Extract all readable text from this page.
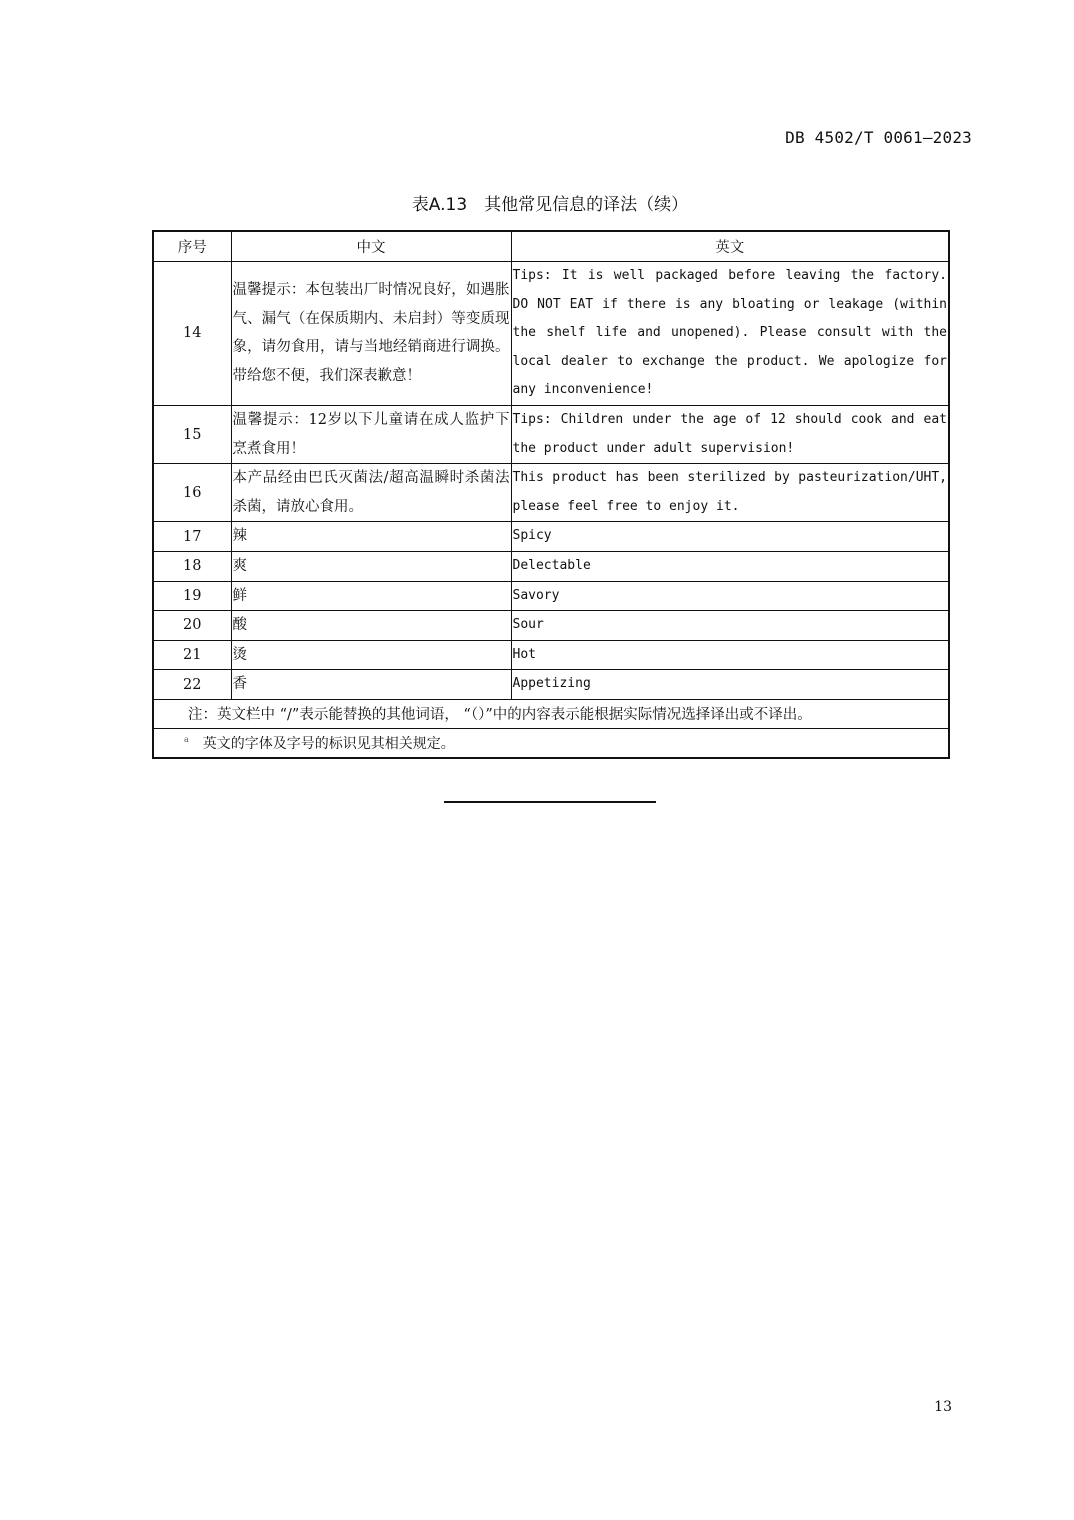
DB 4502/T 0061—2023
表A.13　其他常见信息的译法（续）
序号	中文	英文
14	温馨提示：本包装出厂时情况良好，如遇胀气、漏气（在保质期内、未启封）等变质现象，请勿食用，请与当地经销商进行调换。带给您不便，我们深表歉意！	Tips: It is well packaged before leaving the factory. DO NOT EAT if there is any bloating or leakage (within the shelf life and unopened). Please consult with the local dealer to exchange the product. We apologize for any inconvenience!
15	温馨提示：12岁以下儿童请在成人监护下烹煮食用！	Tips: Children under the age of 12 should cook and eat the product under adult supervision!
16	本产品经由巴氏灭菌法/超高温瞬时杀菌法杀菌，请放心食用。	This product has been sterilized by pasteurization/UHT, please feel free to enjoy it.
17	辣	Spicy
18	爽	Delectable
19	鲜	Savory
20	酸	Sour
21	烫	Hot
22	香	Appetizing
注：英文栏中 “/”表示能替换的其他词语， “（）”中的内容表示能根据实际情况选择译出或不译出。		
$^a$ 英文的字体及字号的标识见其相关规定。		
13
